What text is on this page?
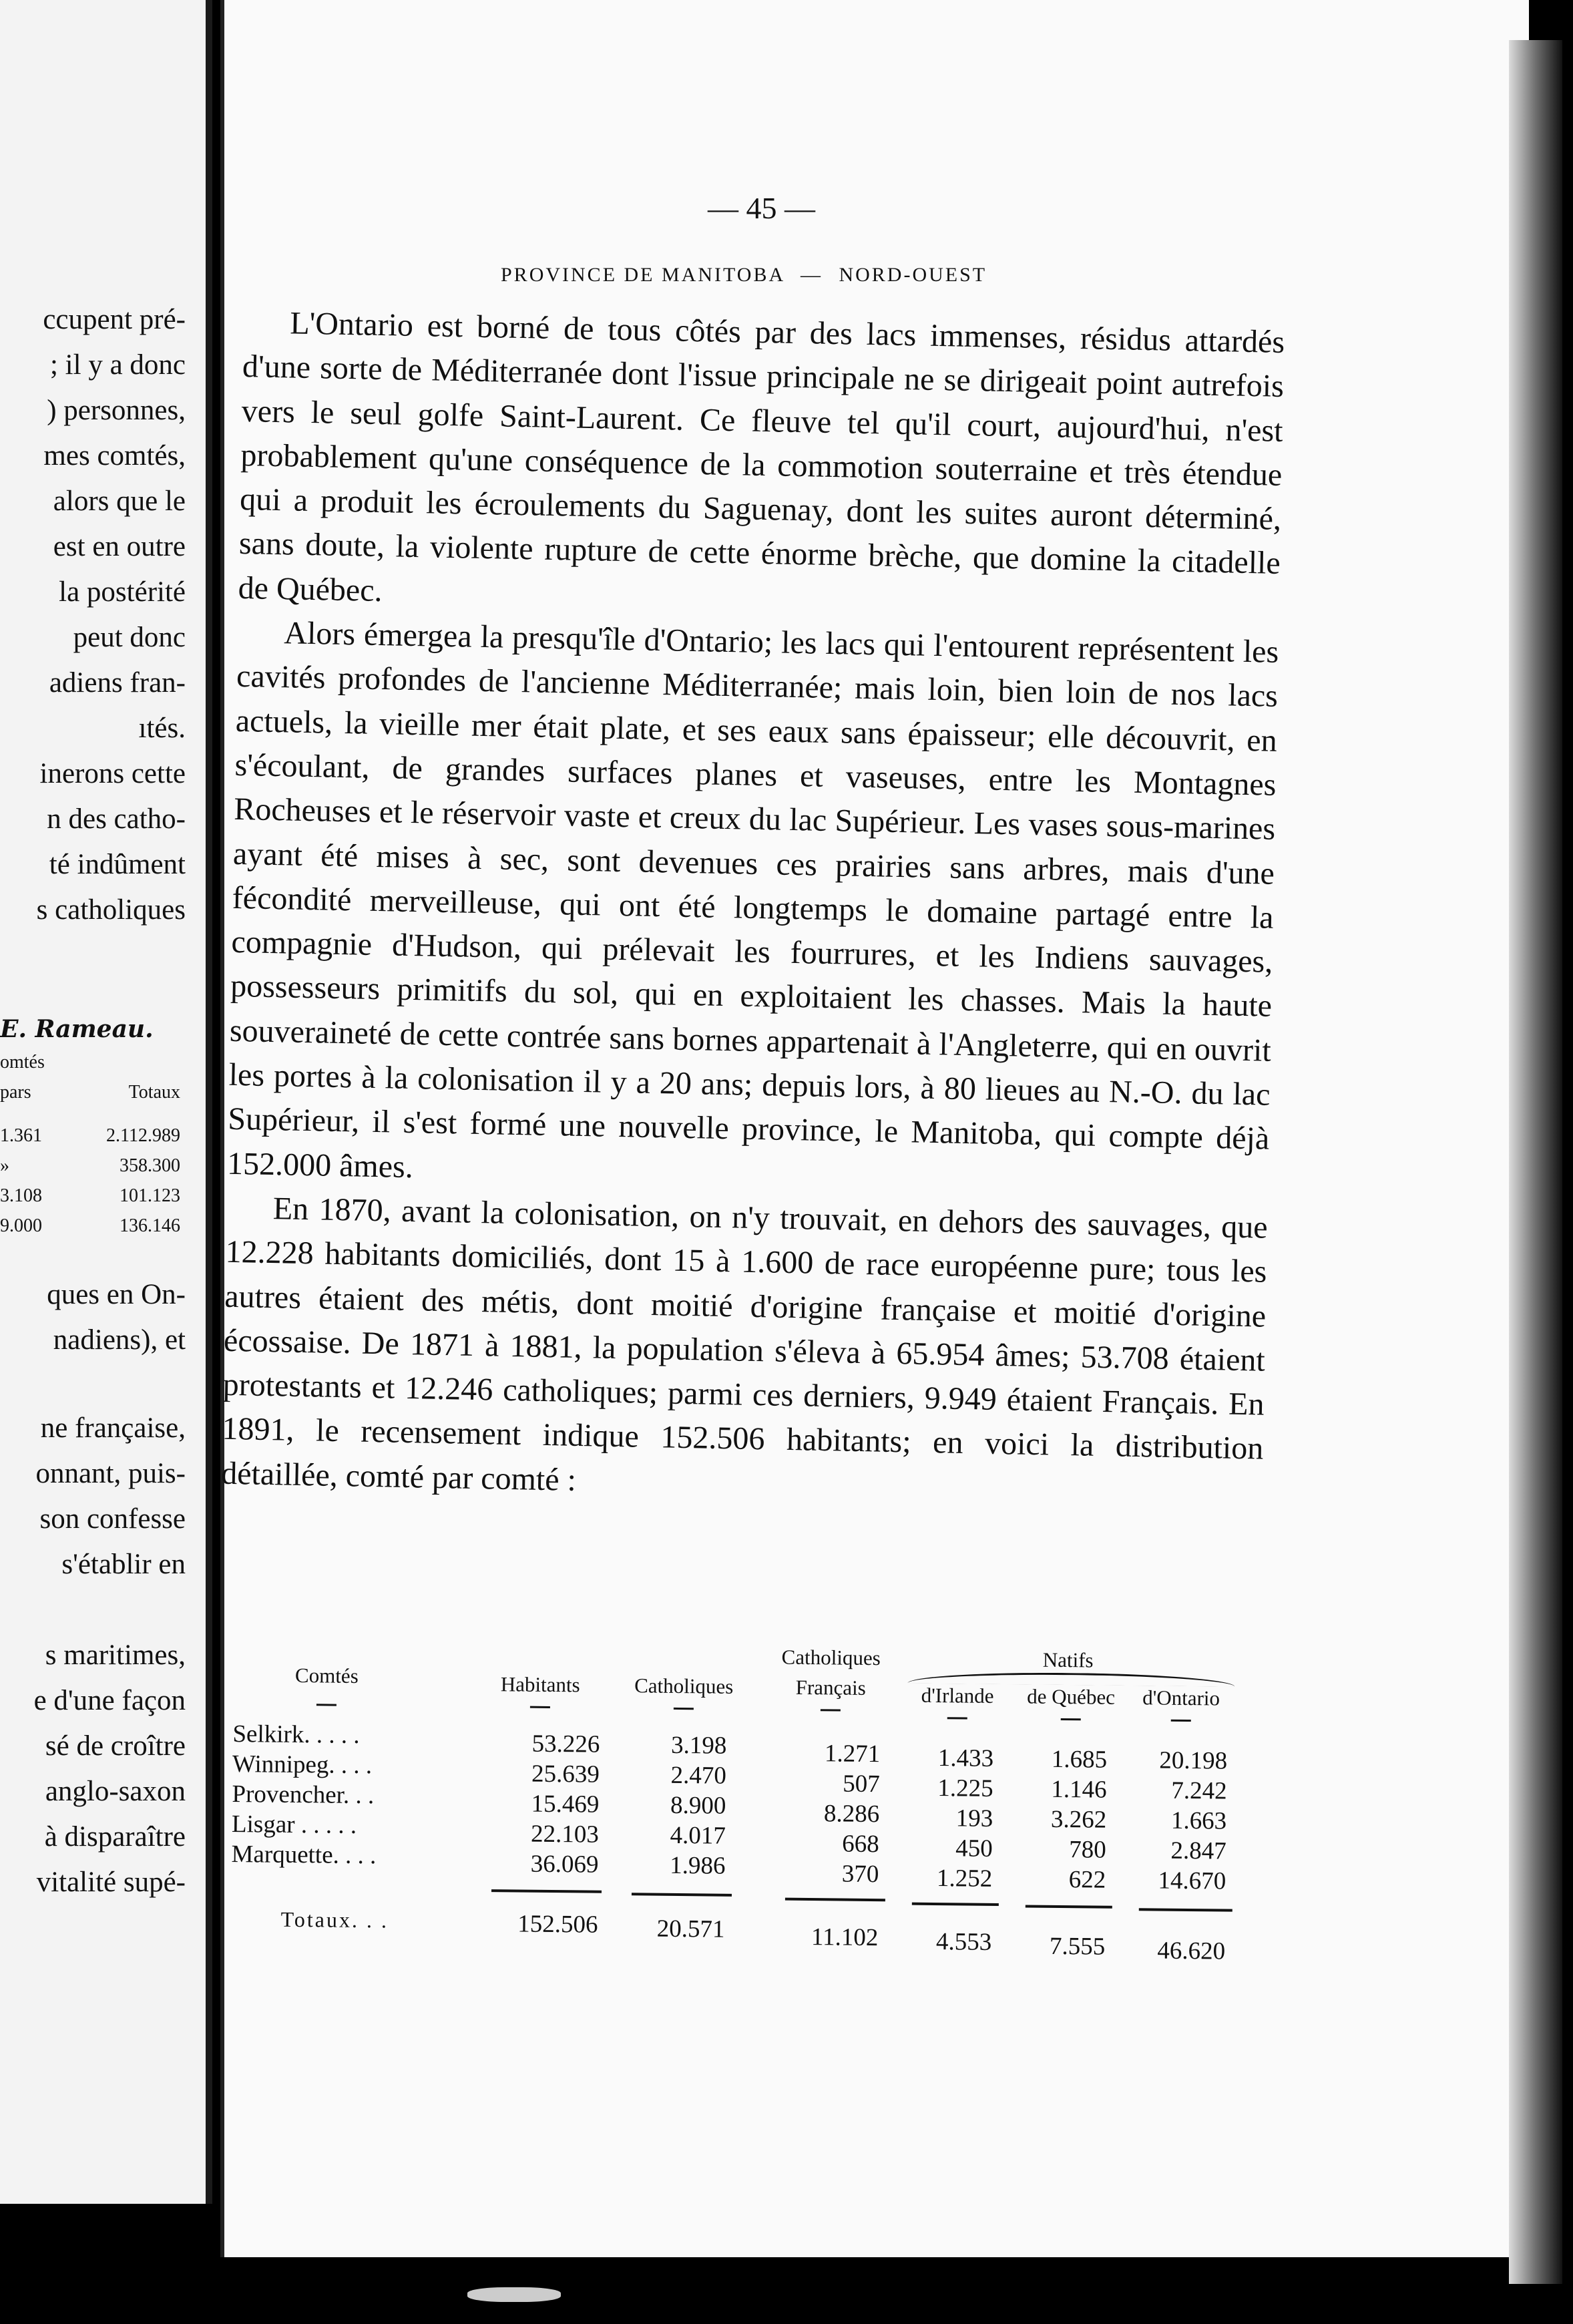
ccupent pré-
; il y a donc
) personnes,
mes comtés,
alors que le
est en outre
la postérité
peut donc
adiens fran-
ıtés.
inerons cette
n des catho-
té indûment
s catholiques
E. Rameau.
omtés
pars	Totaux
1.361	2.112.989
»	358.300
3.108	101.123
9.000	136.146
ques en On-
nadiens), et
ne française,
onnant, puis-
son confesse
s'établir en
s maritimes,
e d'une façon
sé de croître
anglo-saxon
à disparaître
vitalité supé-
— 45 —
PROVINCE DE MANITOBA — NORD-OUEST

L'Ontario est borné de tous côtés par des lacs immenses, résidus attardés d'une sorte de Méditerranée dont l'issue principale ne se dirigeait point autrefois vers le seul golfe Saint-Laurent. Ce fleuve tel qu'il court, aujourd'hui, n'est probablement qu'une conséquence de la commotion souterraine et très étendue qui a produit les écroulements du Saguenay, dont les suites auront déterminé, sans doute, la violente rupture de cette énorme brèche, que domine la citadelle de Québec.

Alors émergea la presqu'île d'Ontario; les lacs qui l'entourent représentent les cavités profondes de l'ancienne Méditerranée; mais loin, bien loin de nos lacs actuels, la vieille mer était plate, et ses eaux sans épaisseur; elle découvrit, en s'écoulant, de grandes surfaces planes et vaseuses, entre les Montagnes Rocheuses et le réservoir vaste et creux du lac Supérieur. Les vases sous-marines ayant été mises à sec, sont devenues ces prairies sans arbres, mais d'une fécondité merveilleuse, qui ont été longtemps le domaine partagé entre la compagnie d'Hudson, qui prélevait les fourrures, et les Indiens sauvages, possesseurs primitifs du sol, qui en exploitaient les chasses. Mais la haute souveraineté de cette contrée sans bornes appartenait à l'Angleterre, qui en ouvrit les portes à la colonisation il y a 20 ans; depuis lors, à 80 lieues au N.-O. du lac Supérieur, il s'est formé une nouvelle province, le Manitoba, qui compte déjà 152.000 âmes.

En 1870, avant la colonisation, on n'y trouvait, en dehors des sauvages, que 12.228 habitants domiciliés, dont 15 à 1.600 de race européenne pure; tous les autres étaient des métis, dont moitié d'origine française et moitié d'origine écossaise. De 1871 à 1881, la population s'éleva à 65.954 âmes; 53.708 étaient protestants et 12.246 catholiques; parmi ces derniers, 9.949 étaient Français. En 1891, le recensement indique 152.506 habitants; en voici la distribution détaillée, comté par comté :

Comtés	Habitants	Catholiques
Catholiques
Français
Natifs
d'Irlande	de Québec	d'Ontario
Selkirk. . . . .	53.226	3.198	1.271	1.433	1.685	20.198
Winnipeg. . . .	25.639	2.470	507	1.225	1.146	7.242
Provencher. . .	15.469	8.900	8.286	193	3.262	1.663
Lisgar . . . . .	22.103	4.017	668	450	780	2.847
Marquette. . . .	36.069	1.986	370	1.252	622	14.670
Totaux. . .	152.506	20.571	11.102	4.553	7.555	46.620
